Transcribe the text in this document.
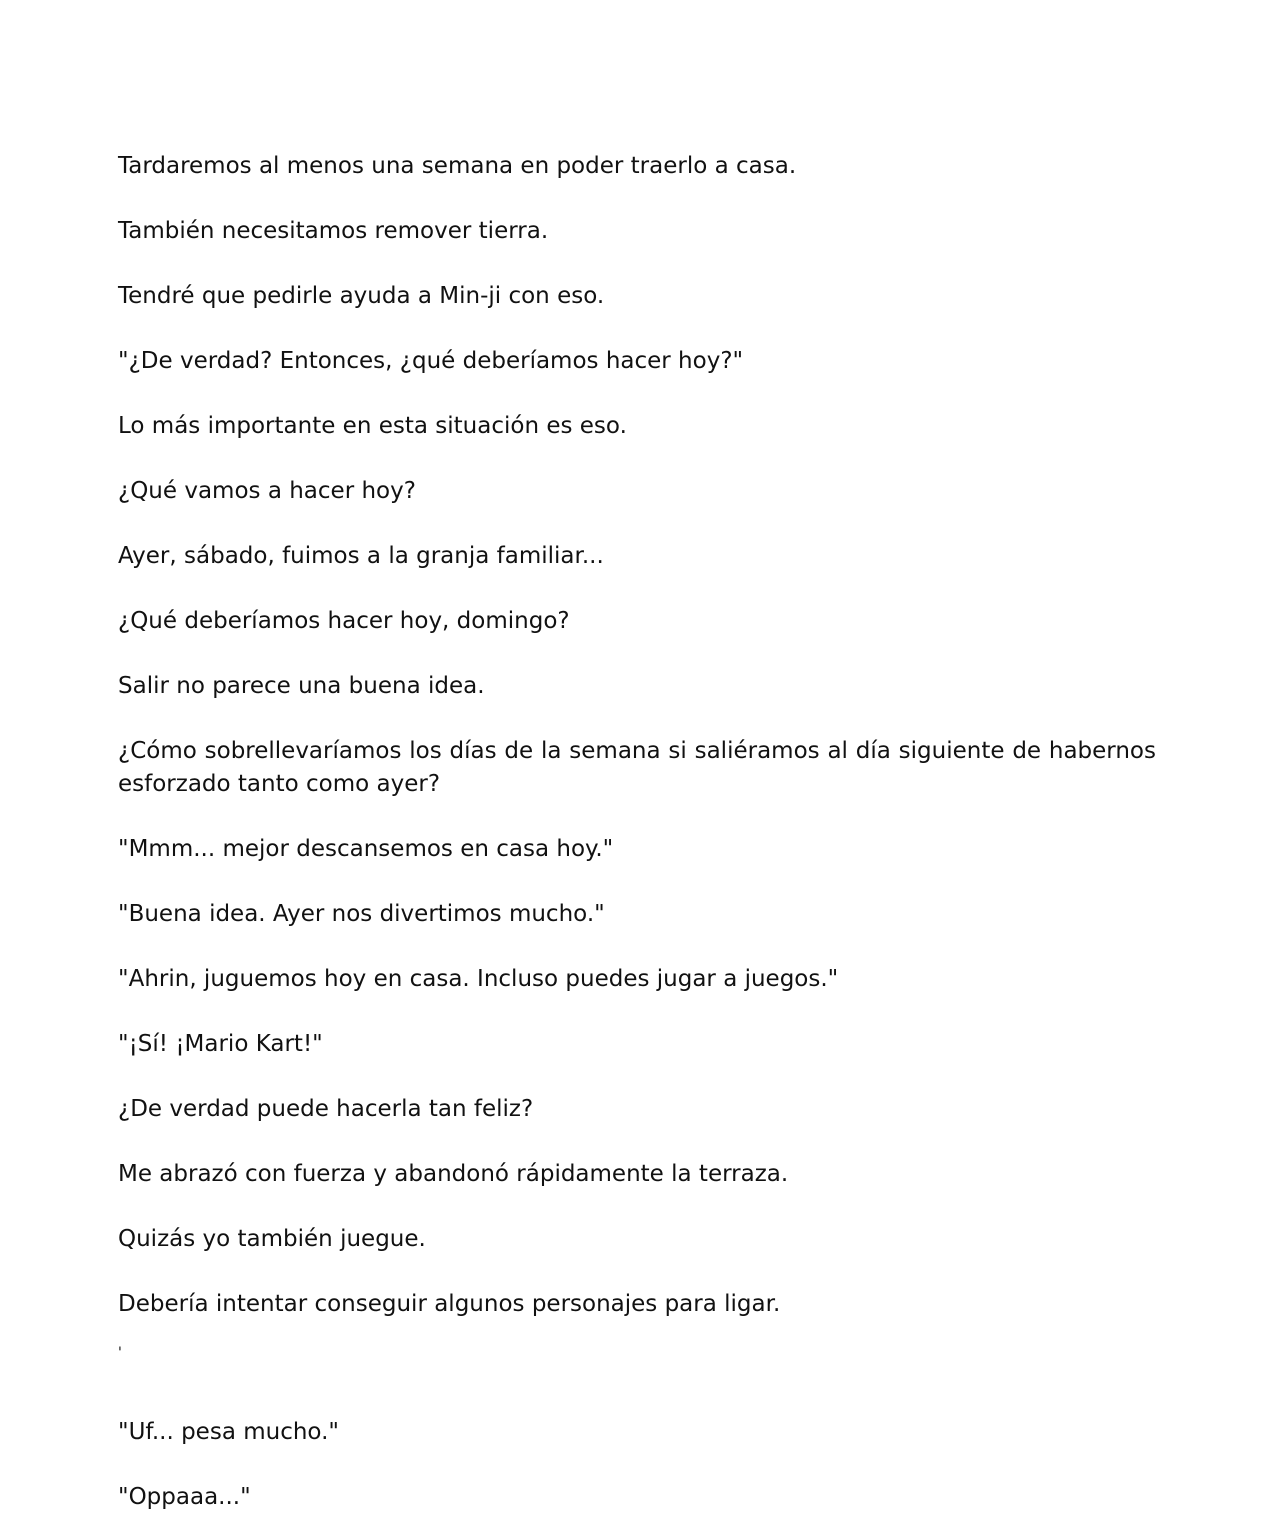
Tardaremos al menos una semana en poder traerlo a casa.

También necesitamos remover tierra.

Tendré que pedirle ayuda a Min-ji con eso.

"¿De verdad? Entonces, ¿qué deberíamos hacer hoy?"

Lo más importante en esta situación es eso.

¿Qué vamos a hacer hoy?

Ayer, sábado, fuimos a la granja familiar...

¿Qué deberíamos hacer hoy, domingo?

Salir no parece una buena idea.

¿Cómo sobrellevaríamos los días de la semana si saliéramos al día siguiente de habernos esforzado tanto como ayer?

"Mmm... mejor descansemos en casa hoy."

"Buena idea. Ayer nos divertimos mucho."

"Ahrin, juguemos hoy en casa. Incluso puedes jugar a juegos."

"¡Sí! ¡Mario Kart!"

¿De verdad puede hacerla tan feliz?

Me abrazó con fuerza y abandonó rápidamente la terraza.

Quizás yo también juegue.

Debería intentar conseguir algunos personajes para ligar.

'

"Uf... pesa mucho."

"Oppaaa..."
